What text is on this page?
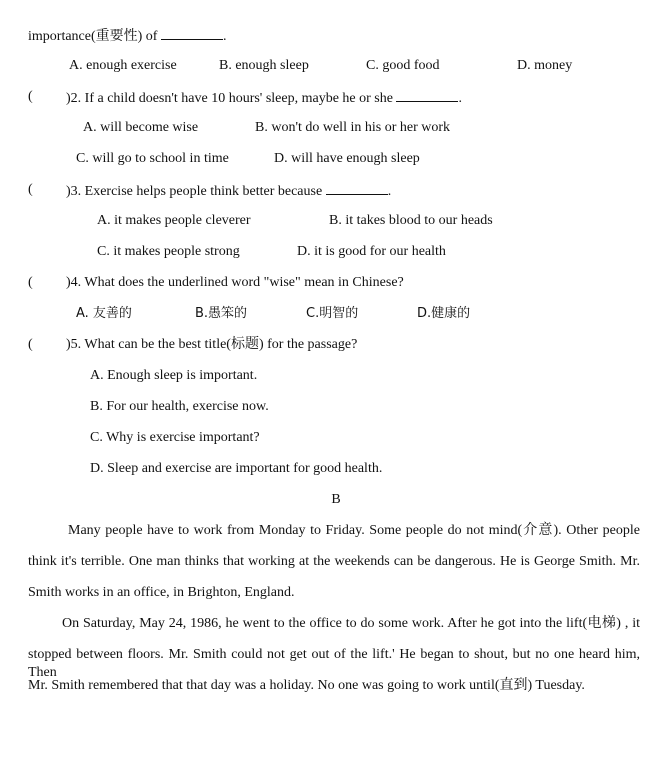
importance(重要性) of	.
A. enough exercise	B. enough sleep	C. good food	D. money
( )2. If a child doesn't have 10 hours' sleep, maybe he or she	.
A. will become wise	B. won't do well in his or her work
C. will go to school in time	D. will have enough sleep
( )3. Exercise helps people think better because	.
A. it makes people cleverer	B. it takes blood to our heads
C. it makes people strong	D. it is good for our health
( )4. What does the underlined word "wise" mean in Chinese?
A. 友善的	B.愚笨的	C.明智的	D.健康的
( )5. What can be the best title(标题) for the passage?
A. Enough sleep is important.
B. For our health, exercise now.
C. Why is exercise important?
D. Sleep and exercise are important for good health.
B
Many people have to work from Monday to Friday. Some people do not mind(介意). Other people
think it's terrible. One man thinks that working at the weekends can be dangerous. He is George Smith. Mr.
Smith works in an office, in Brighton, England.
On Saturday, May 24, 1986, he went to the office to do some work. After he got into the lift(电梯) , it
stopped between floors. Mr. Smith could not get out of the lift.' He began to shout, but no one heard him, Then
Mr. Smith remembered that that day was a holiday. No one was going to work until(直到) Tuesday.
